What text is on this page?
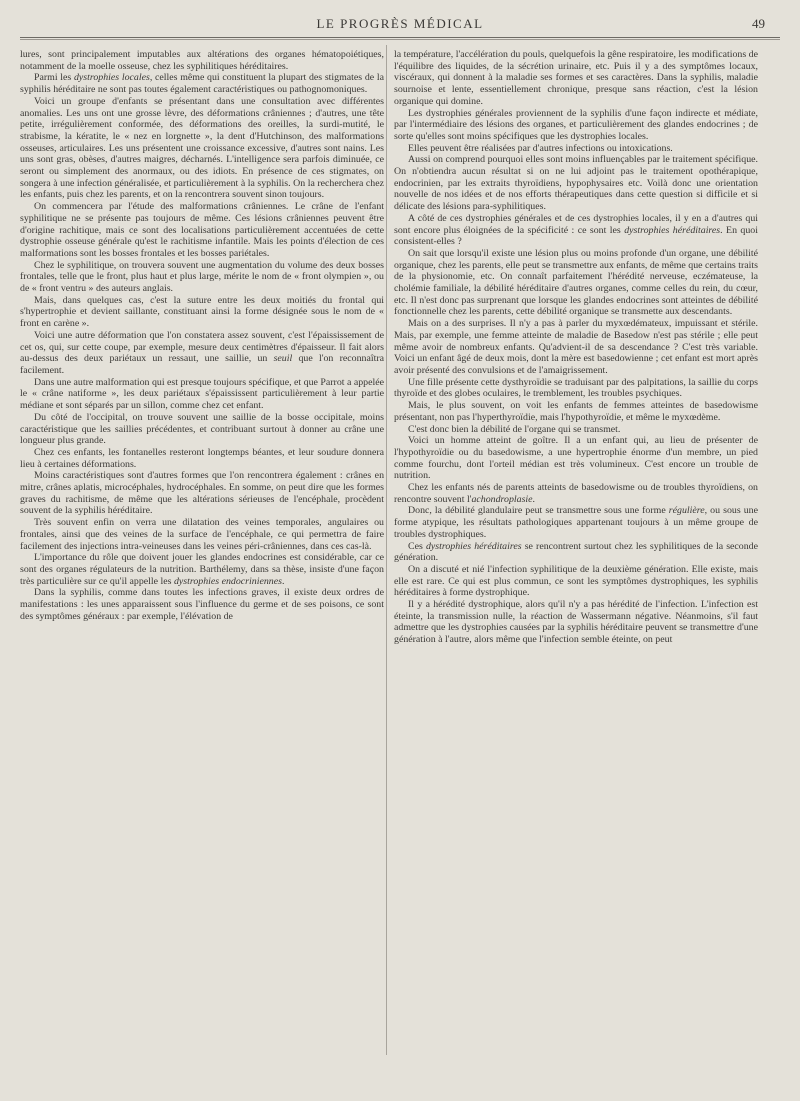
LE PROGRÈS MÉDICAL	49

lures, sont principalement imputables aux altérations des organes hématopoiétiques, notamment de la moelle osseuse, chez les syphilitiques héréditaires.

Parmi les dystrophies locales, celles même qui constituent la plupart des stigmates de la syphilis héréditaire ne sont pas toutes également caractéristiques ou pathognomoniques.

Voici un groupe d'enfants se présentant dans une consultation avec différentes anomalies. Les uns ont une grosse lèvre, des déformations crâniennes ; d'autres, une tête petite, irrégulièrement conformée, des déformations des oreilles, la surdi-mutité, le strabisme, la kératite, le « nez en lorgnette », la dent d'Hutchinson, des malformations osseuses, articulaires. Les uns présentent une croissance excessive, d'autres sont nains. Les uns sont gras, obèses, d'autres maigres, décharnés. L'intelligence sera parfois diminuée, ce seront ou simplement des anormaux, ou des idiots. En présence de ces stigmates, on songera à une infection généralisée, et particulièrement à la syphilis. On la recherchera chez les enfants, puis chez les parents, et on la rencontrera souvent sinon toujours.

On commencera par l'étude des malformations crâniennes. Le crâne de l'enfant syphilitique ne se présente pas toujours de même. Ces lésions crâniennes peuvent être d'origine rachitique, mais ce sont des localisations particulièrement accentuées de cette dystrophie osseuse générale qu'est le rachitisme infantile. Mais les points d'élection de ces malformations sont les bosses frontales et les bosses pariétales.

Chez le syphilitique, on trouvera souvent une augmentation du volume des deux bosses frontales, telle que le front, plus haut et plus large, mérite le nom de « front olympien », ou de « front ventru » des auteurs anglais.

Mais, dans quelques cas, c'est la suture entre les deux moitiés du frontal qui s'hypertrophie et devient saillante, constituant ainsi la forme désignée sous le nom de « front en carène ».

Voici une autre déformation que l'on constatera assez souvent, c'est l'épaississement de cet os, qui, sur cette coupe, par exemple, mesure deux centimètres d'épaisseur. Il fait alors au-dessus des deux pariétaux un ressaut, une saillie, un seuil que l'on reconnaîtra facilement.

Dans une autre malformation qui est presque toujours spécifique, et que Parrot a appelée le « crâne natiforme », les deux pariétaux s'épaississent particulièrement à leur partie médiane et sont séparés par un sillon, comme chez cet enfant.

Du côté de l'occipital, on trouve souvent une saillie de la bosse occipitale, moins caractéristique que les saillies précédentes, et contribuant surtout à donner au crâne une longueur plus grande.

Chez ces enfants, les fontanelles resteront longtemps béantes, et leur soudure donnera lieu à certaines déformations.

Moins caractéristiques sont d'autres formes que l'on rencontrera également : crânes en mitre, crânes aplatis, microcéphales, hydrocéphales. En somme, on peut dire que les formes graves du rachitisme, de même que les altérations sérieuses de l'encéphale, procèdent souvent de la syphilis héréditaire.

Très souvent enfin on verra une dilatation des veines temporales, angulaires ou frontales, ainsi que des veines de la surface de l'encéphale, ce qui permettra de faire facilement des injections intra-veineuses dans les veines péri-crâniennes, dans ces cas-là.

L'importance du rôle que doivent jouer les glandes endocrines est considérable, car ce sont des organes régulateurs de la nutrition. Barthélemy, dans sa thèse, insiste d'une façon très particulière sur ce qu'il appelle les dystrophies endocriniennes.

Dans la syphilis, comme dans toutes les infections graves, il existe deux ordres de manifestations : les unes apparaissent sous l'influence du germe et de ses poisons, ce sont des symptômes généraux : par exemple, l'élévation de

la température, l'accélération du pouls, quelquefois la gêne respiratoire, les modifications de l'équilibre des liquides, de la sécrétion urinaire, etc. Puis il y a des symptômes locaux, viscéraux, qui donnent à la maladie ses formes et ses caractères. Dans la syphilis, maladie sournoise et lente, essentiellement chronique, presque sans réaction, c'est la lésion organique qui domine.

Les dystrophies générales proviennent de la syphilis d'une façon indirecte et médiate, par l'intermédiaire des lésions des organes, et particulièrement des glandes endocrines ; de sorte qu'elles sont moins spécifiques que les dystrophies locales.

Elles peuvent être réalisées par d'autres infections ou intoxications.

Aussi on comprend pourquoi elles sont moins influençables par le traitement spécifique. On n'obtiendra aucun résultat si on ne lui adjoint pas le traitement opothérapique, endocrinien, par les extraits thyroïdiens, hypophysaires etc. Voilà donc une orientation nouvelle de nos idées et de nos efforts thérapeutiques dans cette question si difficile et si délicate des lésions para-syphilitiques.

A côté de ces dystrophies générales et de ces dystrophies locales, il y en a d'autres qui sont encore plus éloignées de la spécificité : ce sont les dystrophies héréditaires. En quoi consistent-elles ?

On sait que lorsqu'il existe une lésion plus ou moins profonde d'un organe, une débilité organique, chez les parents, elle peut se transmettre aux enfants, de même que certains traits de la physionomie, etc. On connaît parfaitement l'hérédité nerveuse, eczémateuse, la cholémie familiale, la débilité héréditaire d'autres organes, comme celles du rein, du cœur, etc. Il n'est donc pas surprenant que lorsque les glandes endocrines sont atteintes de débilité fonctionnelle chez les parents, cette débilité organique se transmette aux descendants.

Mais on a des surprises. Il n'y a pas à parler du myxœdémateux, impuissant et stérile. Mais, par exemple, une femme atteinte de maladie de Basedow n'est pas stérile ; elle peut même avoir de nombreux enfants. Qu'advient-il de sa descendance ? C'est très variable. Voici un enfant âgé de deux mois, dont la mère est basedowienne ; cet enfant est mort après avoir présenté des convulsions et de l'amaigrissement.

Une fille présente cette dysthyroïdie se traduisant par des palpitations, la saillie du corps thyroïde et des globes oculaires, le tremblement, les troubles psychiques.

Mais, le plus souvent, on voit les enfants de femmes atteintes de basedowisme présentant, non pas l'hyperthyroïdie, mais l'hypothyroïdie, et même le myxœdème.

C'est donc bien la débilité de l'organe qui se transmet.

Voici un homme atteint de goître. Il a un enfant qui, au lieu de présenter de l'hypothyroïdie ou du basedowisme, a une hypertrophie énorme d'un membre, un pied comme fourchu, dont l'orteil médian est très volumineux. C'est encore un trouble de nutrition.

Chez les enfants nés de parents atteints de basedowisme ou de troubles thyroïdiens, on rencontre souvent l'achondroplasie.

Donc, la débilité glandulaire peut se transmettre sous une forme régulière, ou sous une forme atypique, les résultats pathologiques appartenant toujours à un même groupe de troubles dystrophiques.

Ces dystrophies héréditaires se rencontrent surtout chez les syphilitiques de la seconde génération.

On a discuté et nié l'infection syphilitique de la deuxième génération. Elle existe, mais elle est rare. Ce qui est plus commun, ce sont les symptômes dystrophiques, les syphilis héréditaires à forme dystrophique.

Il y a hérédité dystrophique, alors qu'il n'y a pas hérédité de l'infection. L'infection est éteinte, la transmission nulle, la réaction de Wassermann négative. Néanmoins, s'il faut admettre que les dystrophies causées par la syphilis héréditaire peuvent se transmettre d'une génération à l'autre, alors même que l'infection semble éteinte, on peut
